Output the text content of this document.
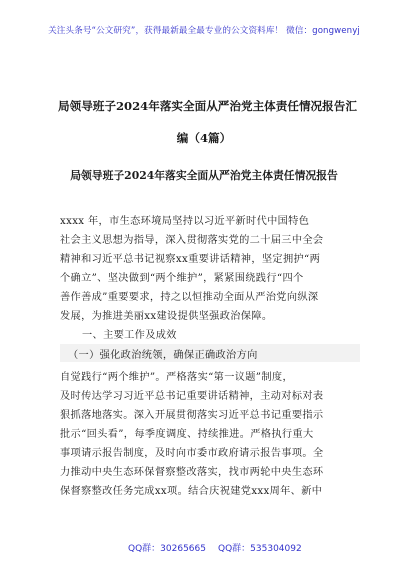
关注头条号“公文研究”，获得最新最全最专业的公文资料库！ 微信：gongwenyj
局领导班子2024年落实全面从严治党主体责任情况报告汇
编（4篇）
局领导班子2024年落实全面从严治党主体责任情况报告
xxxx 年，市生态环境局坚持以习近平新时代中国特色
社会主义思想为指导，深入贯彻落实党的二十届三中全会
精神和习近平总书记视察xx重要讲话精神，坚定拥护“两
个确立”、坚决做到“两个维护”，紧紧围绕践行“四个
善作善成”重要要求，持之以恒推动全面从严治党向纵深
发展，为推进美丽xx建设提供坚强政治保障。
一、主要工作及成效
（一）强化政治统领，确保正确政治方向
自觉践行“两个维护”。严格落实“第一议题”制度，
及时传达学习习近平总书记重要讲话精神，主动对标对表
狠抓落地落实。深入开展贯彻落实习近平总书记重要指示
批示“回头看”，每季度调度、持续推进。严格执行重大
事项请示报告制度，及时向市委市政府请示报告事项。全
力推动中央生态环保督察整改落实，找市两轮中央生态环
保督察整改任务完成xx项。结合庆祝建党xxx周年、新中
QQ群：30265665 QQ群：535304092
